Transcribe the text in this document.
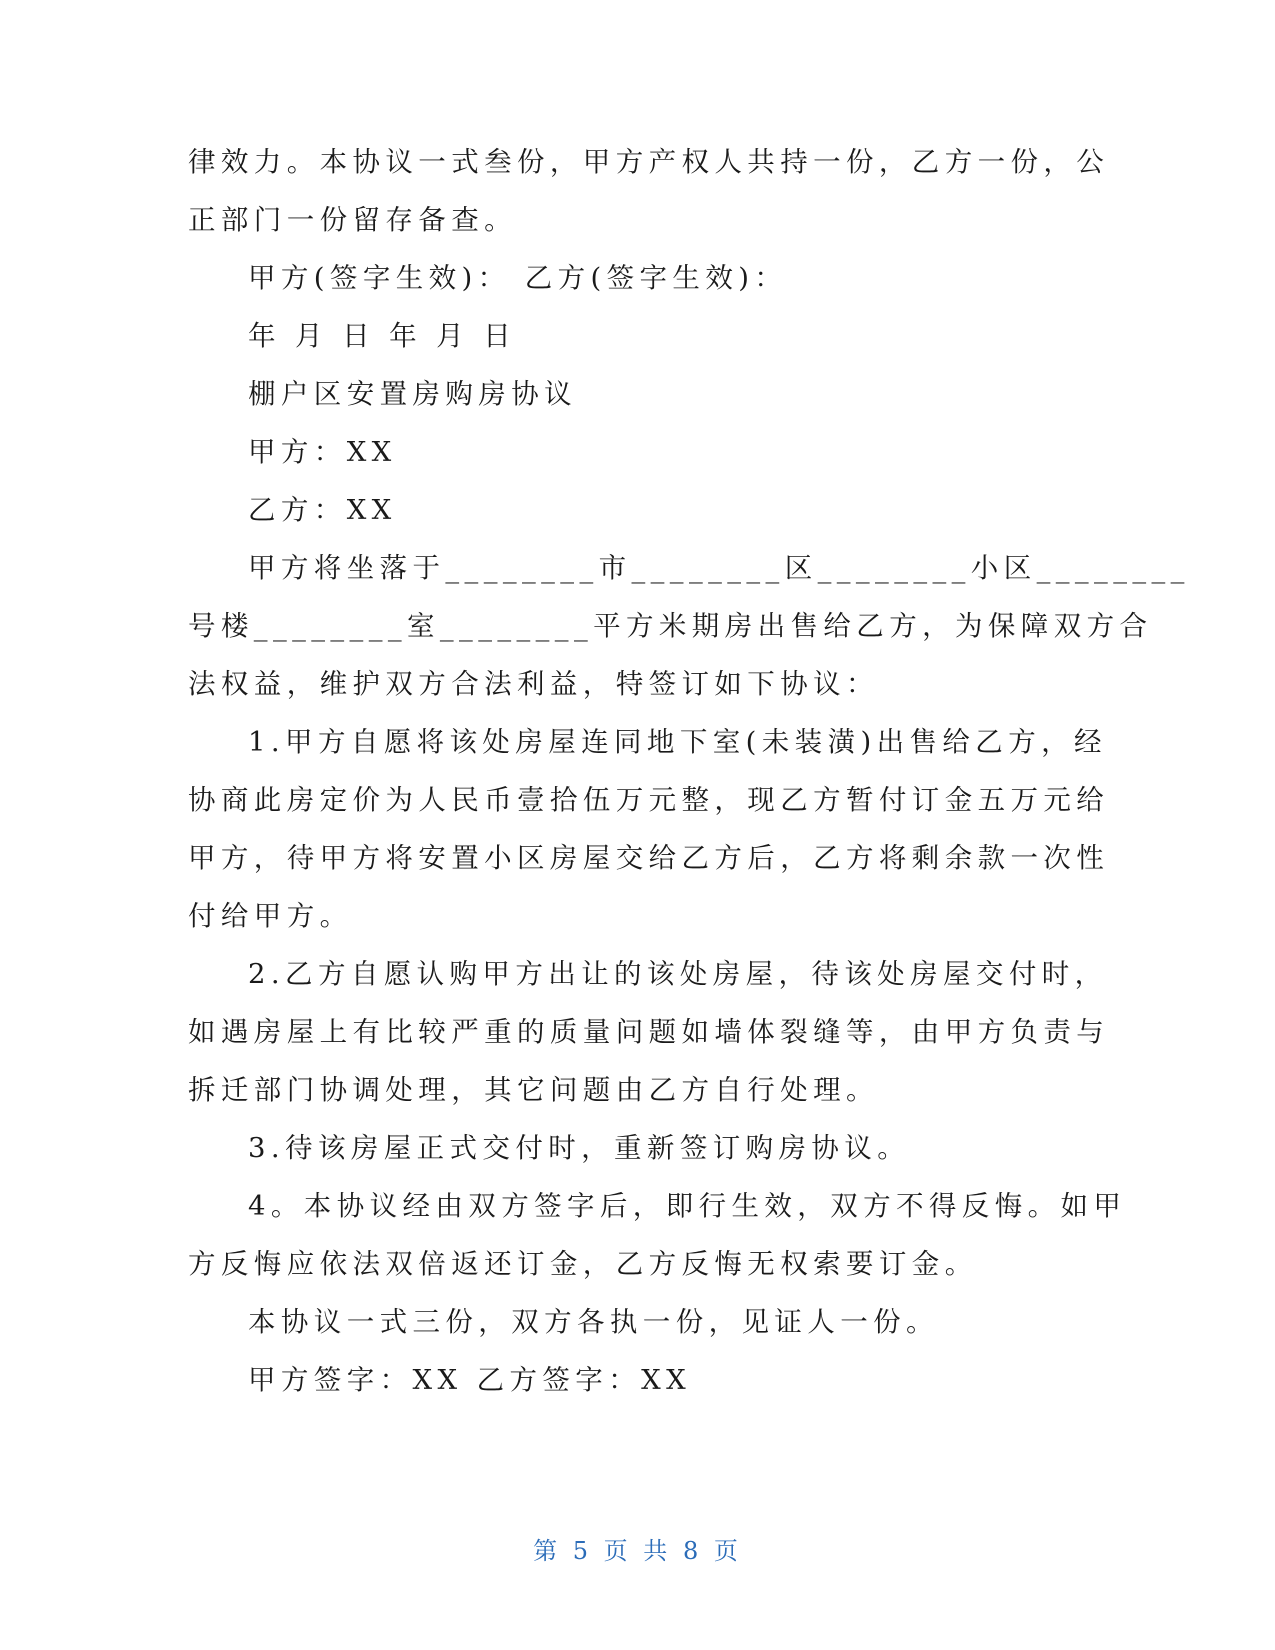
律效力。本协议一式叁份，甲方产权人共持一份，乙方一份，公
正部门一份留存备查。
甲方(签字生效)： 乙方(签字生效)：
年 月 日 年 月 日
棚户区安置房购房协议
甲方：XX
乙方：XX
甲方将坐落于________市________区________小区________
号楼________室________平方米期房出售给乙方，为保障双方合
法权益，维护双方合法利益，特签订如下协议：
1.甲方自愿将该处房屋连同地下室(未装潢)出售给乙方，经
协商此房定价为人民币壹拾伍万元整，现乙方暂付订金五万元给
甲方，待甲方将安置小区房屋交给乙方后，乙方将剩余款一次性
付给甲方。
2.乙方自愿认购甲方出让的该处房屋，待该处房屋交付时，
如遇房屋上有比较严重的质量问题如墙体裂缝等，由甲方负责与
拆迁部门协调处理，其它问题由乙方自行处理。
3.待该房屋正式交付时，重新签订购房协议。
4。本协议经由双方签字后，即行生效，双方不得反悔。如甲
方反悔应依法双倍返还订金，乙方反悔无权索要订金。
本协议一式三份，双方各执一份，见证人一份。
甲方签字：XX 乙方签字：XX
第 5 页 共 8 页
